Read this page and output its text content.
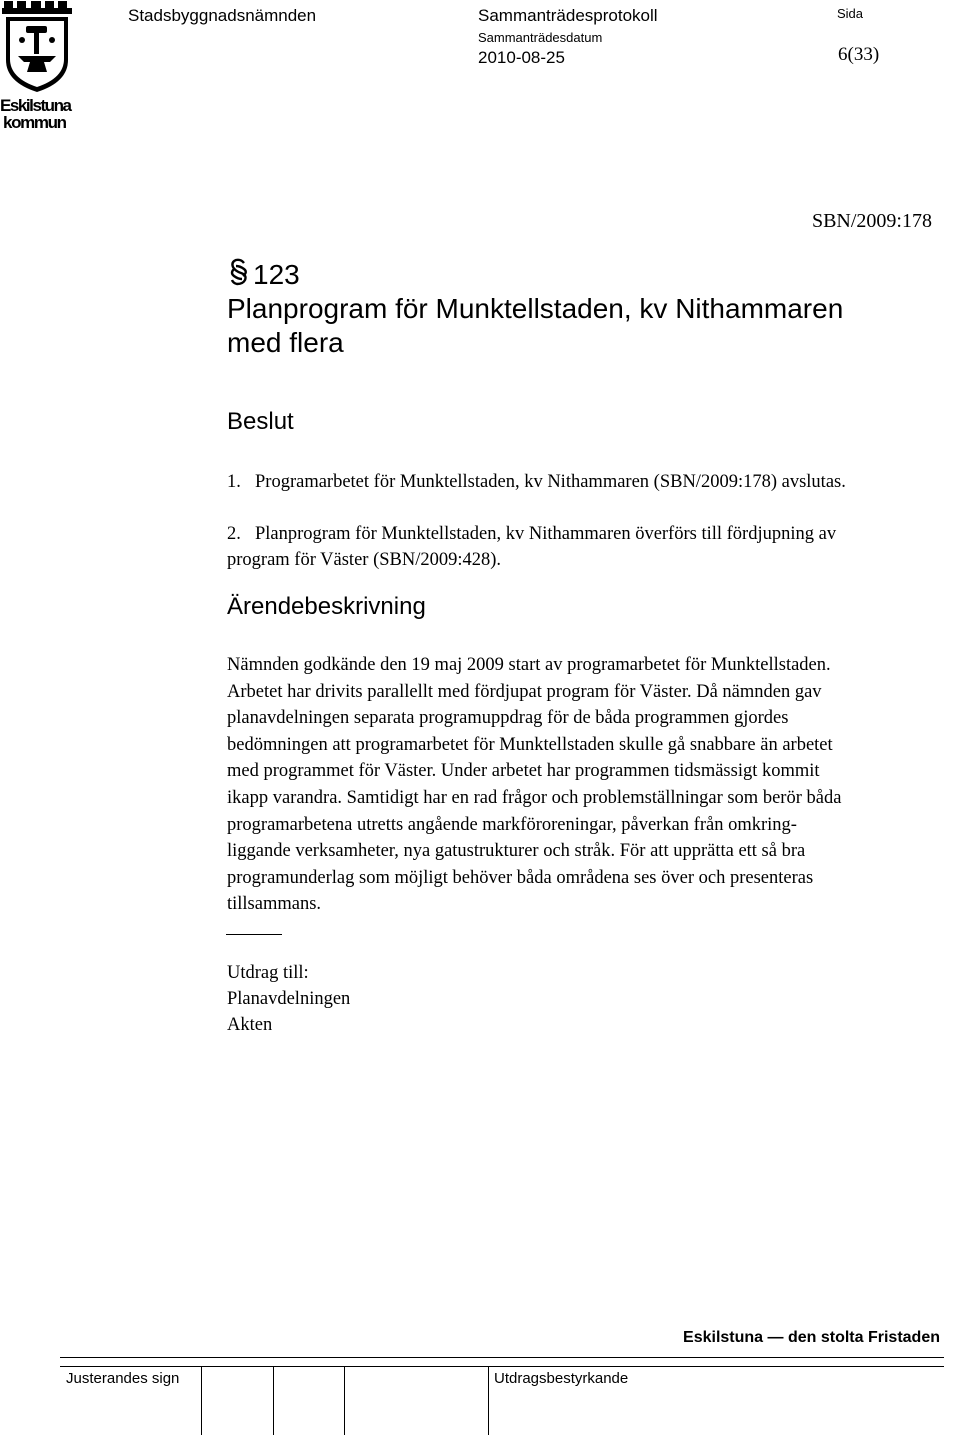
Eskilstuna
kommun
Stadsbyggnadsnämnden	Sammanträdesprotokoll
Sammanträdesdatum
2010-08-25
Sida
6(33)
SBN/2009:178
123
Planprogram för Munktellstaden, kv Nithammaren
med flera
Beslut
1. Programarbetet för Munktellstaden, kv Nithammaren (SBN/2009:178) avslutas.
2. Planprogram för Munktellstaden, kv Nithammaren överförs till fördjupning av
program för Väster (SBN/2009:428).
Ärendebeskrivning
Nämnden godkände den 19 maj 2009 start av programarbetet för Munktellstaden.
Arbetet har drivits parallellt med fördjupat program för Väster. Då nämnden gav
planavdelningen separata programuppdrag för de båda programmen gjordes
bedömningen att programarbetet för Munktellstaden skulle gå snabbare än arbetet
med programmet för Väster. Under arbetet har programmen tidsmässigt kommit
ikapp varandra. Samtidigt har en rad frågor och problemställningar som berör båda
programarbetena utretts angående markföroreningar, påverkan från omkring-
liggande verksamheter, nya gatustrukturer och stråk. För att upprätta ett så bra
programunderlag som möjligt behöver båda områdena ses över och presenteras
tillsammans.
Utdrag till:
Planavdelningen
Akten
Eskilstuna — den stolta Fristaden
Justerandes sign	Utdragsbestyrkande
